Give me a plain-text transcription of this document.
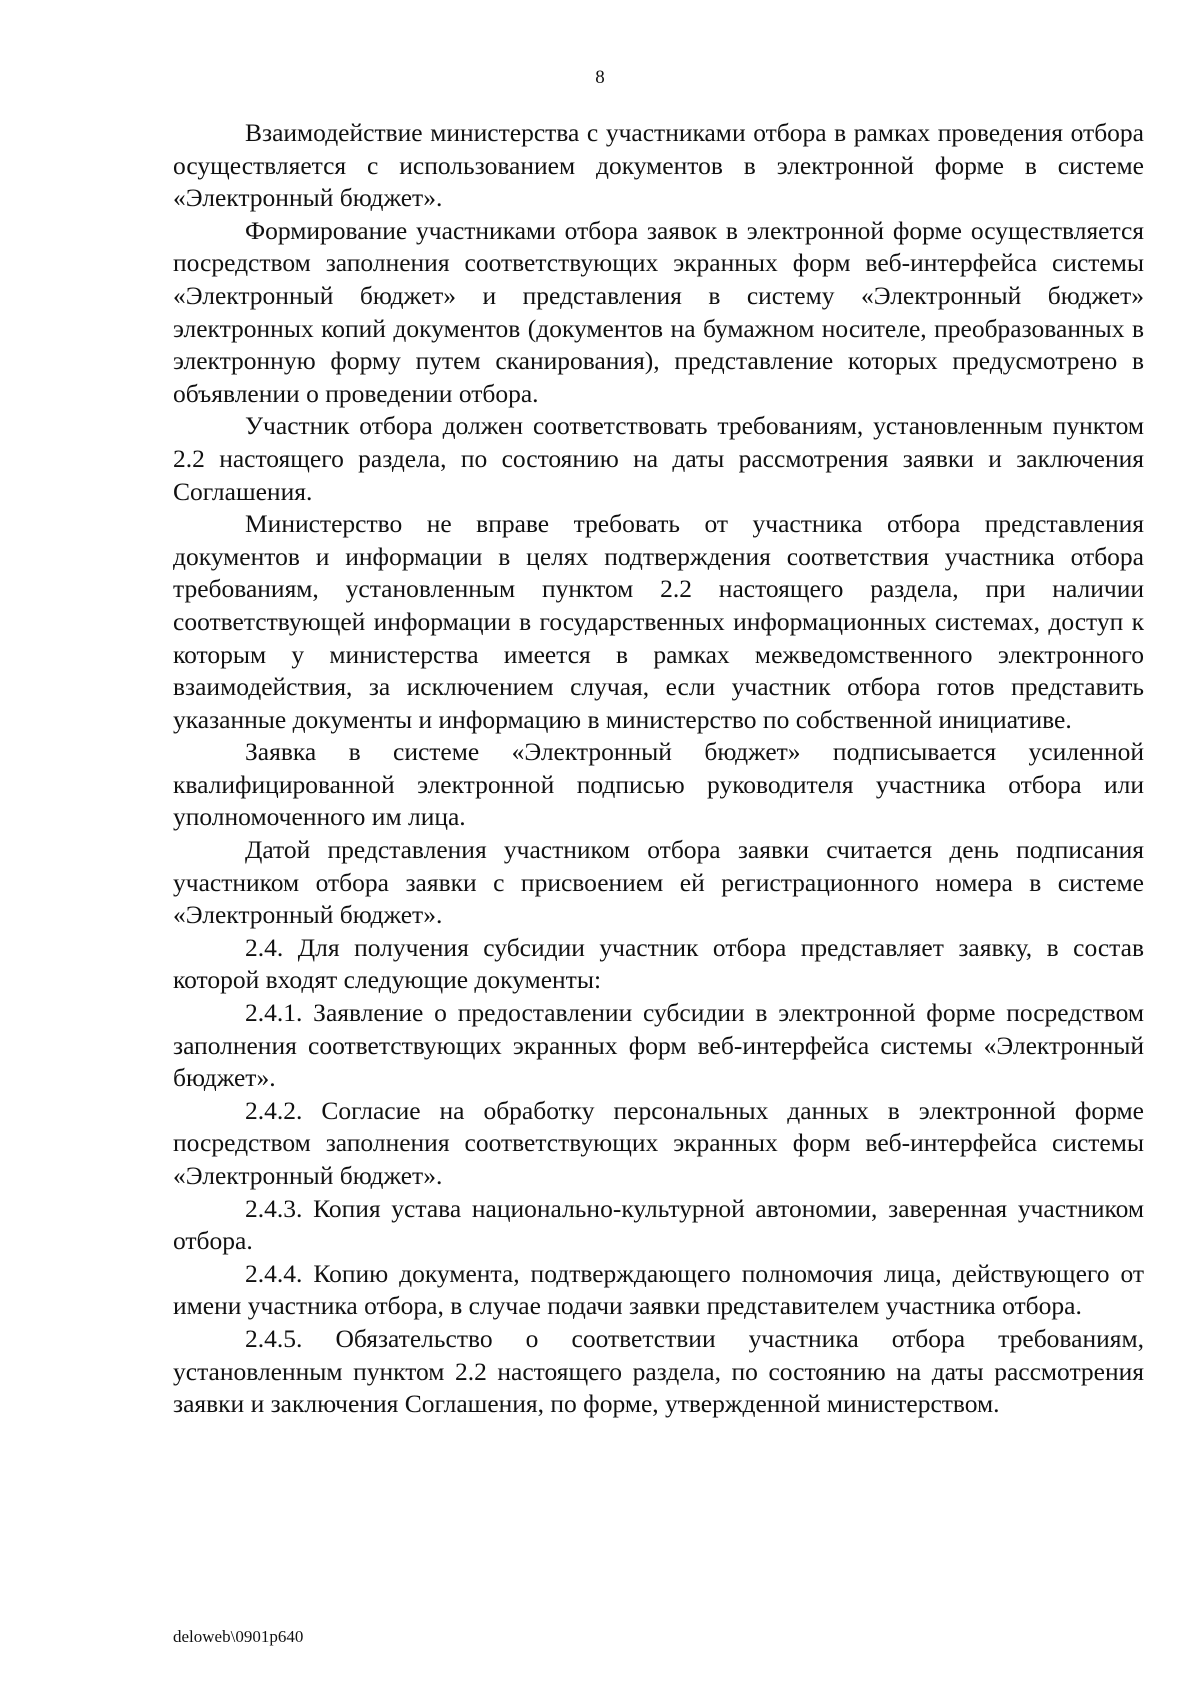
8

Взаимодействие министерства с участниками отбора в рамках проведения отбора осуществляется с использованием документов в электронной форме в системе «Электронный бюджет».

Формирование участниками отбора заявок в электронной форме осуществляется посредством заполнения соответствующих экранных форм веб-интерфейса системы «Электронный бюджет» и представления в систему «Электронный бюджет» электронных копий документов (документов на бумажном носителе, преобразованных в электронную форму путем сканирования), представление которых предусмотрено в объявлении о проведении отбора.

Участник отбора должен соответствовать требованиям, установленным пунктом 2.2 настоящего раздела, по состоянию на даты рассмотрения заявки и заключения Соглашения.

Министерство не вправе требовать от участника отбора представления документов и информации в целях подтверждения соответствия участника отбора требованиям, установленным пунктом 2.2 настоящего раздела, при наличии соответствующей информации в государственных информационных системах, доступ к которым у министерства имеется в рамках межведомственного электронного взаимодействия, за исключением случая, если участник отбора готов представить указанные документы и информацию в министерство по собственной инициативе.

Заявка в системе «Электронный бюджет» подписывается усиленной квалифицированной электронной подписью руководителя участника отбора или уполномоченного им лица.

Датой представления участником отбора заявки считается день подписания участником отбора заявки с присвоением ей регистрационного номера в системе «Электронный бюджет».

2.4. Для получения субсидии участник отбора представляет заявку, в состав которой входят следующие документы:

2.4.1. Заявление о предоставлении субсидии в электронной форме посредством заполнения соответствующих экранных форм веб-интерфейса системы «Электронный бюджет».

2.4.2. Согласие на обработку персональных данных в электронной форме посредством заполнения соответствующих экранных форм веб-интерфейса системы «Электронный бюджет».

2.4.3. Копия устава национально-культурной автономии, заверенная участником отбора.

2.4.4. Копию документа, подтверждающего полномочия лица, действующего от имени участника отбора, в случае подачи заявки представителем участника отбора.

2.4.5. Обязательство о соответствии участника отбора требованиям, установленным пунктом 2.2 настоящего раздела, по состоянию на даты рассмотрения заявки и заключения Соглашения, по форме, утвержденной министерством.

deloweb\0901p640
